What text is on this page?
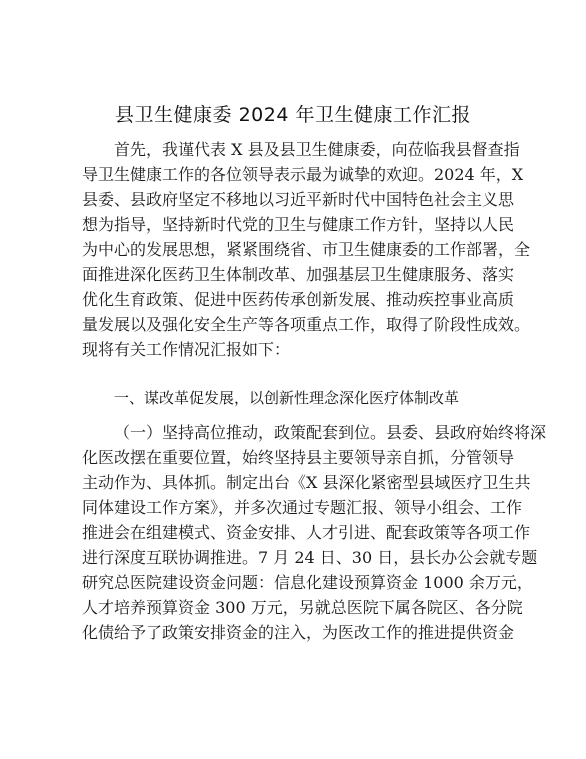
县卫生健康委 2024 年卫生健康工作汇报

首先，我谨代表 X 县及县卫生健康委，向莅临我县督查指
导卫生健康工作的各位领导表示最为诚挚的欢迎。2024 年，X
县委、县政府坚定不移地以习近平新时代中国特色社会主义思
想为指导，坚持新时代党的卫生与健康工作方针，坚持以人民
为中心的发展思想，紧紧围绕省、市卫生健康委的工作部署，全
面推进深化医药卫生体制改革、加强基层卫生健康服务、落实
优化生育政策、促进中医药传承创新发展、推动疾控事业高质
量发展以及强化安全生产等各项重点工作，取得了阶段性成效。
现将有关工作情况汇报如下：

一、谋改革促发展，以创新性理念深化医疗体制改革

（一）坚持高位推动，政策配套到位。县委、县政府始终将深
化医改摆在重要位置，始终坚持县主要领导亲自抓，分管领导
主动作为、具体抓。制定出台《X 县深化紧密型县域医疗卫生共
同体建设工作方案》，并多次通过专题汇报、领导小组会、工作
推进会在组建模式、资金安排、人才引进、配套政策等各项工作
进行深度互联协调推进。7 月 24 日、30 日，县长办公会就专题
研究总医院建设资金问题：信息化建设预算资金 1000 余万元，
人才培养预算资金 300 万元，另就总医院下属各院区、各分院
化债给予了政策安排资金的注入，为医改工作的推进提供资金
